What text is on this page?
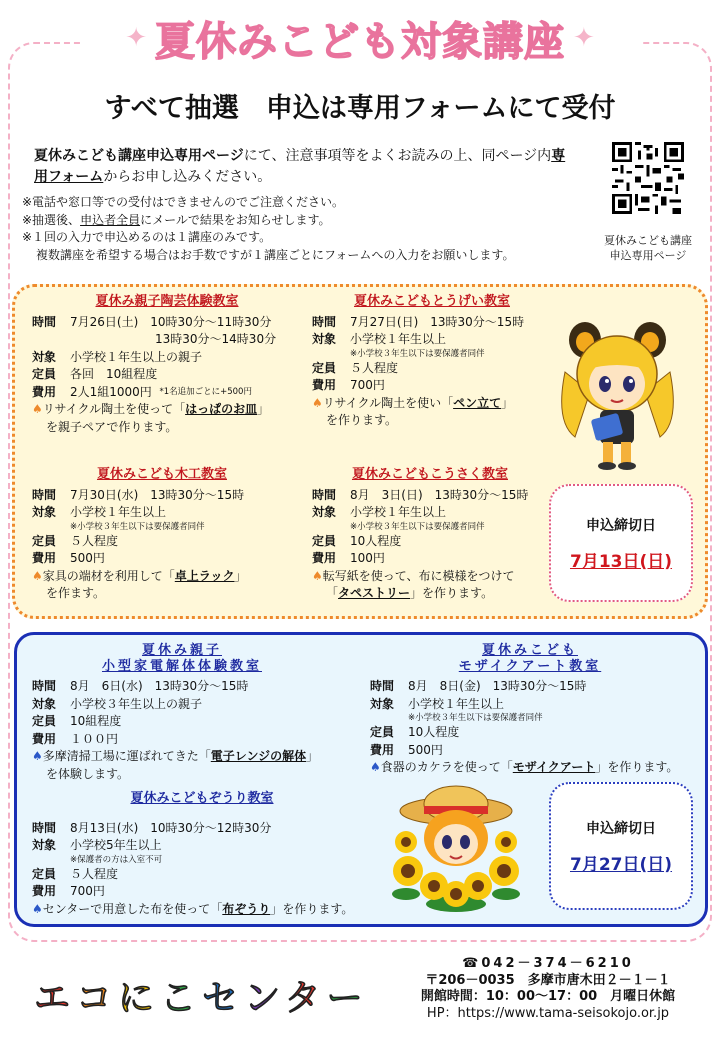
✦ 夏休みこども対象講座 ✦
すべて抽選　申込は専用フォームにて受付
夏休みこども講座申込専用ページにて、注意事項等をよくお読みの上、同ページ内専用フォームからお申し込みください。
※電話や窓口等での受付はできませんのでご注意ください。
※抽選後、申込者全員にメールで結果をお知らせします。
※１回の入力で申込めるのは１講座のみです。
複数講座を希望する場合はお手数ですが１講座ごとにフォームへの入力をお願いします。
夏休みこども講座
申込専用ページ
夏休み親子陶芸体験教室
時間	7月26日(土)　10時30分～11時30分
13時30分～14時30分
対象	小学校１年生以上の親子
定員	各回　10組程度
費用	2人1組1000円
*1名追加ごとに+500円
♠リサイクル陶土を使って「はっぱのお皿」
を親子ペアで作ります。
夏休みこどもとうげい教室
時間	7月27日(日)　13時30分～15時
対象	小学校１年生以上
※小学校３年生以下は要保護者同伴
定員	５人程度
費用	700円
♠リサイクル陶土を使い「ペン立て」
を作ります。
夏休みこども木工教室
時間	7月30日(水)　13時30分～15時
対象	小学校１年生以上
※小学校３年生以下は要保護者同伴
定員	５人程度
費用	500円
♠家具の端材を利用して「卓上ラック」
を作ます。
夏休みこどもこうさく教室
時間	8月　3日(日)　13時30分～15時
対象	小学校１年生以上
※小学校３年生以下は要保護者同伴
定員	10人程度
費用	100円
♠転写紙を使って、布に模様をつけて
「タペストリー」を作ります。
申込締切日
7月13日(日)
夏休み親子
小型家電解体体験教室
時間	8月　6日(水)　13時30分～15時
対象	小学校３年生以上の親子
定員	10組程度
費用	１００円
♠多摩清掃工場に運ばれてきた「電子レンジの解体」
を体験します。
夏休みこども
モザイクアート教室
時間	8月　8日(金)　13時30分～15時
対象	小学校１年生以上
※小学校３年生以下は要保護者同伴
定員	10人程度
費用	500円
♠食器のカケラを使って「モザイクアート」を作ります。
夏休みこどもぞうり教室
時間	8月13日(水)　10時30分～12時30分
対象	小学校5年生以上
※保護者の方は入室不可
定員	５人程度
費用	700円
♠センターで用意した布を使って「布ぞうり」を作ります。
申込締切日
7月27日(日)
エコにこセンター
☎042－374－6210
〒206－0035　多摩市唐木田２－１－１
開館時間：10：00～17：00　月曜日休館
HP：https://www.tama-seisokojo.or.jp
